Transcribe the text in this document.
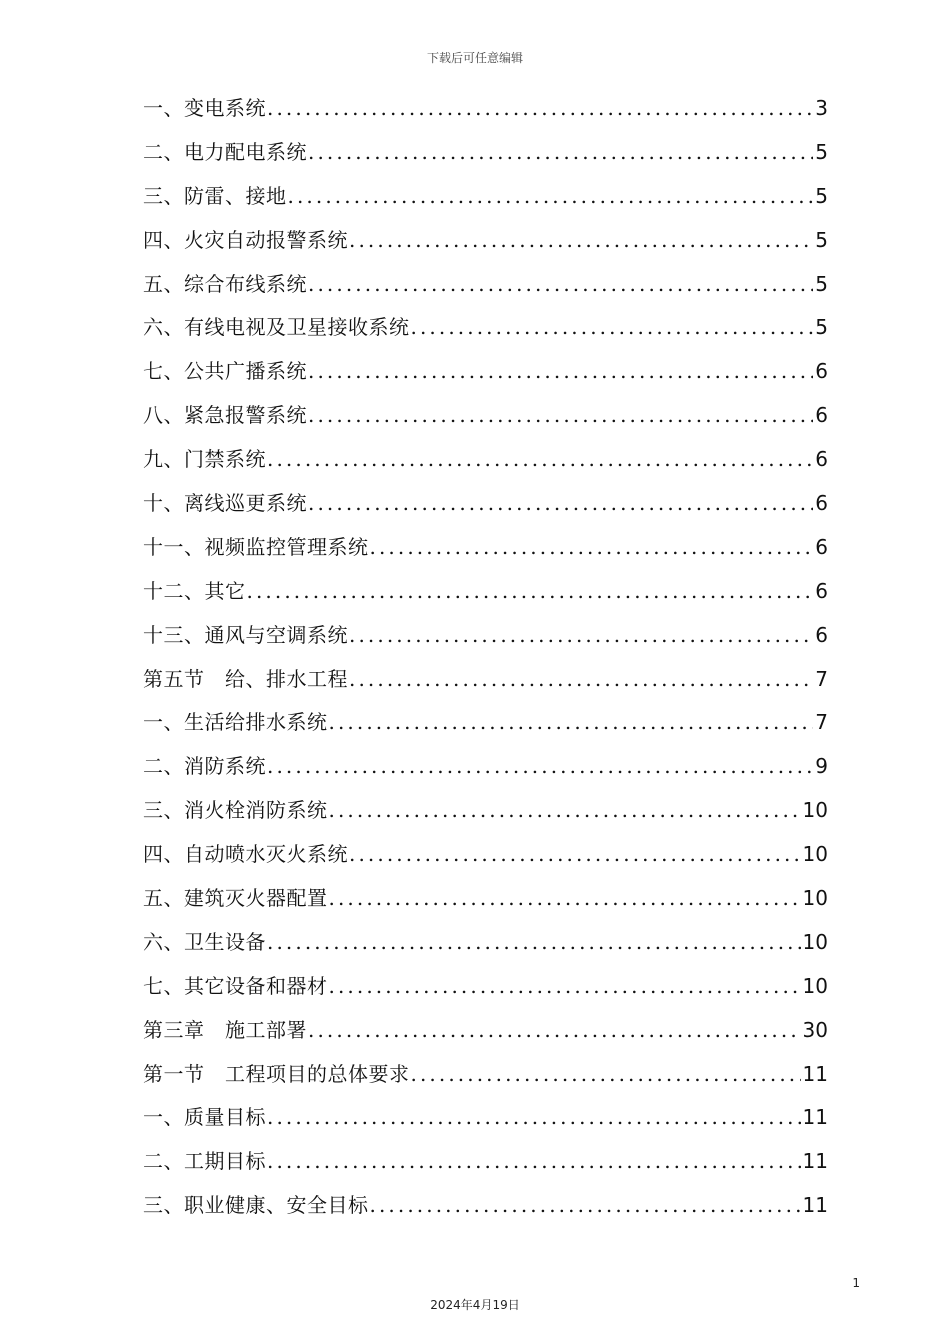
下载后可任意编辑
一、变电系统 .....	3
二、电力配电系统 .....	5
三、防雷、接地 .....	5
四、火灾自动报警系统 .....	5
五、综合布线系统 .....	5
六、有线电视及卫星接收系统 .....	5
七、公共广播系统 .....	6
八、紧急报警系统 .....	6
九、门禁系统 .....	6
十、离线巡更系统 .....	6
十一、视频监控管理系统 .....	6
十二、其它 .....	6
十三、通风与空调系统 .....	6
第五节　给、排水工程 .....	7
一、生活给排水系统 .....	7
二、消防系统 .....	9
三、消火栓消防系统 .....	10
四、自动喷水灭火系统 .....	10
五、建筑灭火器配置 .....	10
六、卫生设备 .....	10
七、其它设备和器材 .....	10
第三章　施工部署 .....	30
第一节　工程项目的总体要求 .....	11
一、质量目标 .....	11
二、工期目标 .....	11
三、职业健康、安全目标 .....	11
1
2024年4月19日
